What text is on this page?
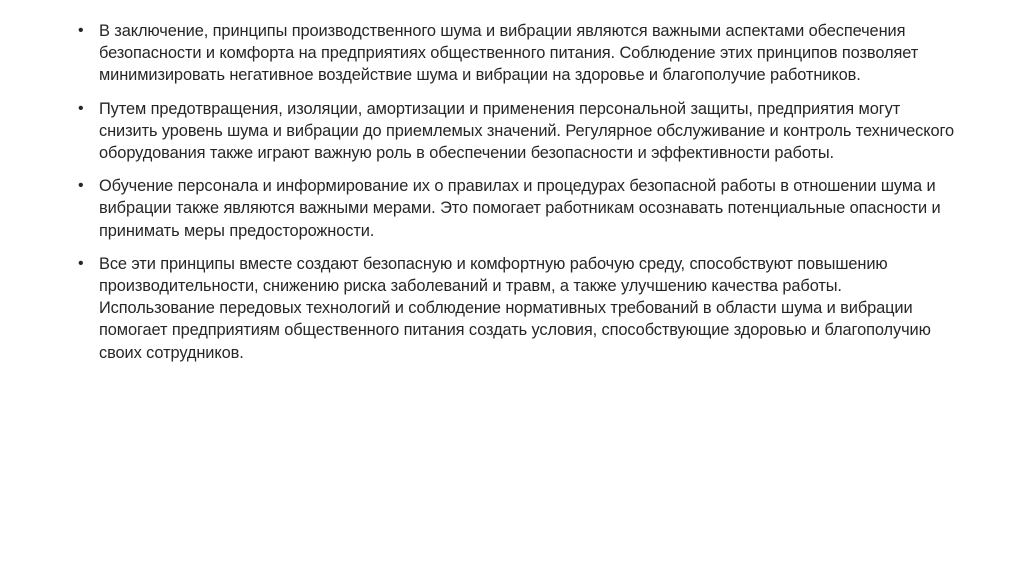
• В заключение, принципы производственного шума и вибрации являются важными аспектами обеспечения безопасности и комфорта на предприятиях общественного питания. Соблюдение этих принципов позволяет минимизировать негативное воздействие шума и вибрации на здоровье и благополучие работников.
• Путем предотвращения, изоляции, амортизации и применения персональной защиты, предприятия могут снизить уровень шума и вибрации до приемлемых значений. Регулярное обслуживание и контроль технического оборудования также играют важную роль в обеспечении безопасности и эффективности работы.
• Обучение персонала и информирование их о правилах и процедурах безопасной работы в отношении шума и вибрации также являются важными мерами. Это помогает работникам осознавать потенциальные опасности и принимать меры предосторожности.
• Все эти принципы вместе создают безопасную и комфортную рабочую среду, способствуют повышению производительности, снижению риска заболеваний и травм, а также улучшению качества работы. Использование передовых технологий и соблюдение нормативных требований в области шума и вибрации помогает предприятиям общественного питания создать условия, способствующие здоровью и благополучию своих сотрудников.
